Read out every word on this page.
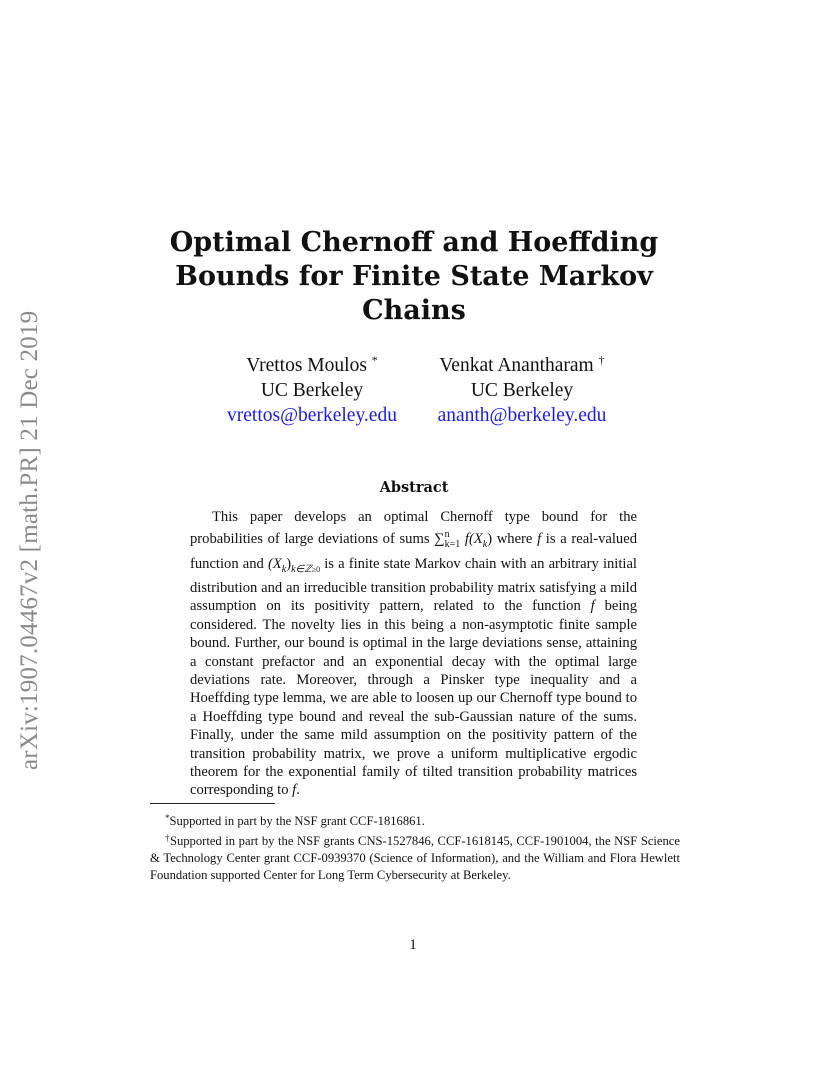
arXiv:1907.04467v2 [math.PR] 21 Dec 2019
Optimal Chernoff and Hoeffding Bounds for Finite State Markov Chains
Vrettos Moulos *
UC Berkeley
vrettos@berkeley.edu
Venkat Anantharam †
UC Berkeley
ananth@berkeley.edu
Abstract
This paper develops an optimal Chernoff type bound for the probabilities of large deviations of sums ∑$^n_{k=1}$ $f(X_k)$ where f is a real-valued function and $(X_k)_{k\in ℤ\ge 0}$ is a finite state Markov chain with an arbitrary initial distribution and an irreducible transition probability matrix satisfying a mild assumption on its positivity pattern, related to the function f being considered. The novelty lies in this being a non-asymptotic finite sample bound. Further, our bound is optimal in the large deviations sense, attaining a constant prefactor and an exponential decay with the optimal large deviations rate. Moreover, through a Pinsker type inequality and a Hoeffding type lemma, we are able to loosen up our Chernoff type bound to a Hoeffding type bound and reveal the sub-Gaussian nature of the sums. Finally, under the same mild assumption on the positivity pattern of the transition probability matrix, we prove a uniform multiplicative ergodic theorem for the exponential family of tilted transition probability matrices corresponding to f.

*Supported in part by the NSF grant CCF-1816861.

†Supported in part by the NSF grants CNS-1527846, CCF-1618145, CCF-1901004, the NSF Science & Technology Center grant CCF-0939370 (Science of Information), and the William and Flora Hewlett Foundation supported Center for Long Term Cybersecurity at Berkeley.

1
